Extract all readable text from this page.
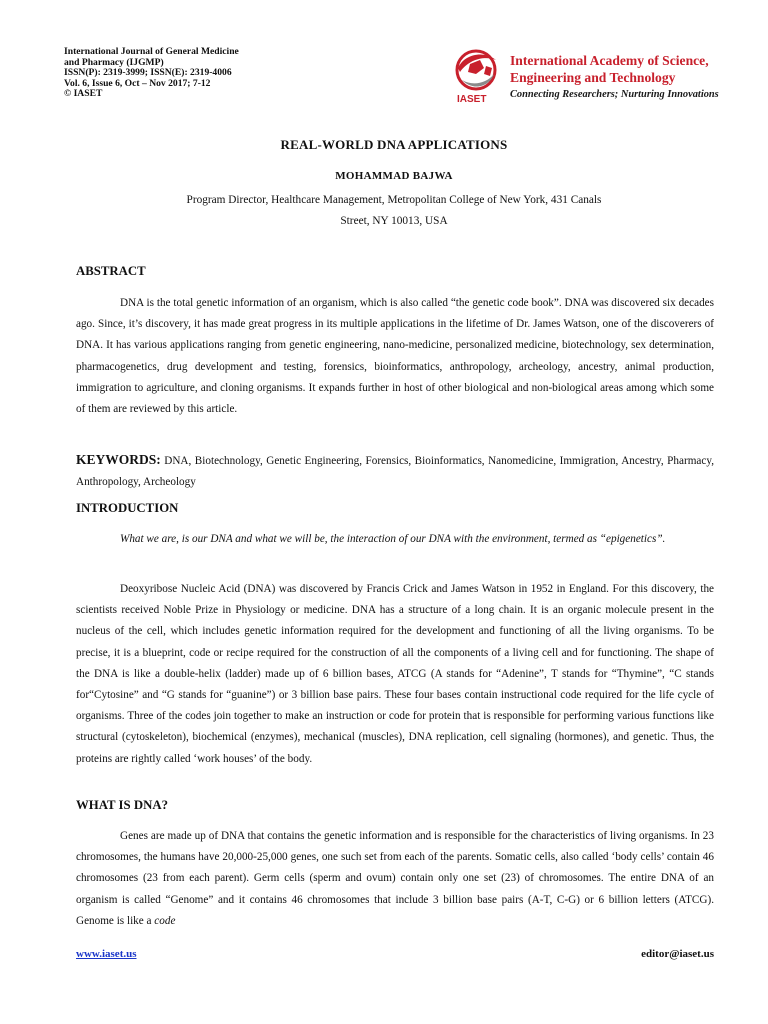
International Journal of General Medicine
and Pharmacy (IJGMP)
ISSN(P): 2319-3999; ISSN(E): 2319-4006
Vol. 6, Issue 6, Oct – Nov 2017; 7-12
© IASET
IASET
International Academy of Science,
Engineering and Technology
Connecting Researchers; Nurturing Innovations
REAL-WORLD DNA APPLICATIONS
MOHAMMAD BAJWA
Program Director, Healthcare Management, Metropolitan College of New York, 431 Canals
Street, NY 10013, USA
ABSTRACT
DNA is the total genetic information of an organism, which is also called “the genetic code book”. DNA was discovered six decades ago. Since, it’s discovery, it has made great progress in its multiple applications in the lifetime of Dr. James Watson, one of the discoverers of DNA. It has various applications ranging from genetic engineering, nano-medicine, personalized medicine, biotechnology, sex determination, pharmacogenetics, drug development and testing, forensics, bioinformatics, anthropology, archeology, ancestry, animal production, immigration to agriculture, and cloning organisms. It expands further in host of other biological and non-biological areas among which some of them are reviewed by this article.
KEYWORDS: DNA, Biotechnology, Genetic Engineering, Forensics, Bioinformatics, Nanomedicine, Immigration, Ancestry, Pharmacy, Anthropology, Archeology
INTRODUCTION
What we are, is our DNA and what we will be, the interaction of our DNA with the environment, termed as “epigenetics”.
Deoxyribose Nucleic Acid (DNA) was discovered by Francis Crick and James Watson in 1952 in England. For this discovery, the scientists received Noble Prize in Physiology or medicine. DNA has a structure of a long chain. It is an organic molecule present in the nucleus of the cell, which includes genetic information required for the development and functioning of all the living organisms. To be precise, it is a blueprint, code or recipe required for the construction of all the components of a living cell and for functioning. The shape of the DNA is like a double-helix (ladder) made up of 6 billion bases, ATCG (A stands for “Adenine”, T stands for “Thymine”, “C stands for“Cytosine” and “G stands for “guanine”) or 3 billion base pairs. These four bases contain instructional code required for the life cycle of organisms. Three of the codes join together to make an instruction or code for protein that is responsible for performing various functions like structural (cytoskeleton), biochemical (enzymes), mechanical (muscles), DNA replication, cell signaling (hormones), and genetic. Thus, the proteins are rightly called ‘work houses’ of the body.
WHAT IS DNA?
Genes are made up of DNA that contains the genetic information and is responsible for the characteristics of living organisms. In 23 chromosomes, the humans have 20,000-25,000 genes, one such set from each of the parents. Somatic cells, also called ‘body cells’ contain 46 chromosomes (23 from each parent). Germ cells (sperm and ovum) contain only one set (23) of chromosomes. The entire DNA of an organism is called “Genome” and it contains 46 chromosomes that include 3 billion base pairs (A-T, C-G) or 6 billion letters (ATCG). Genome is like a code
www.iaset.us	editor@iaset.us
